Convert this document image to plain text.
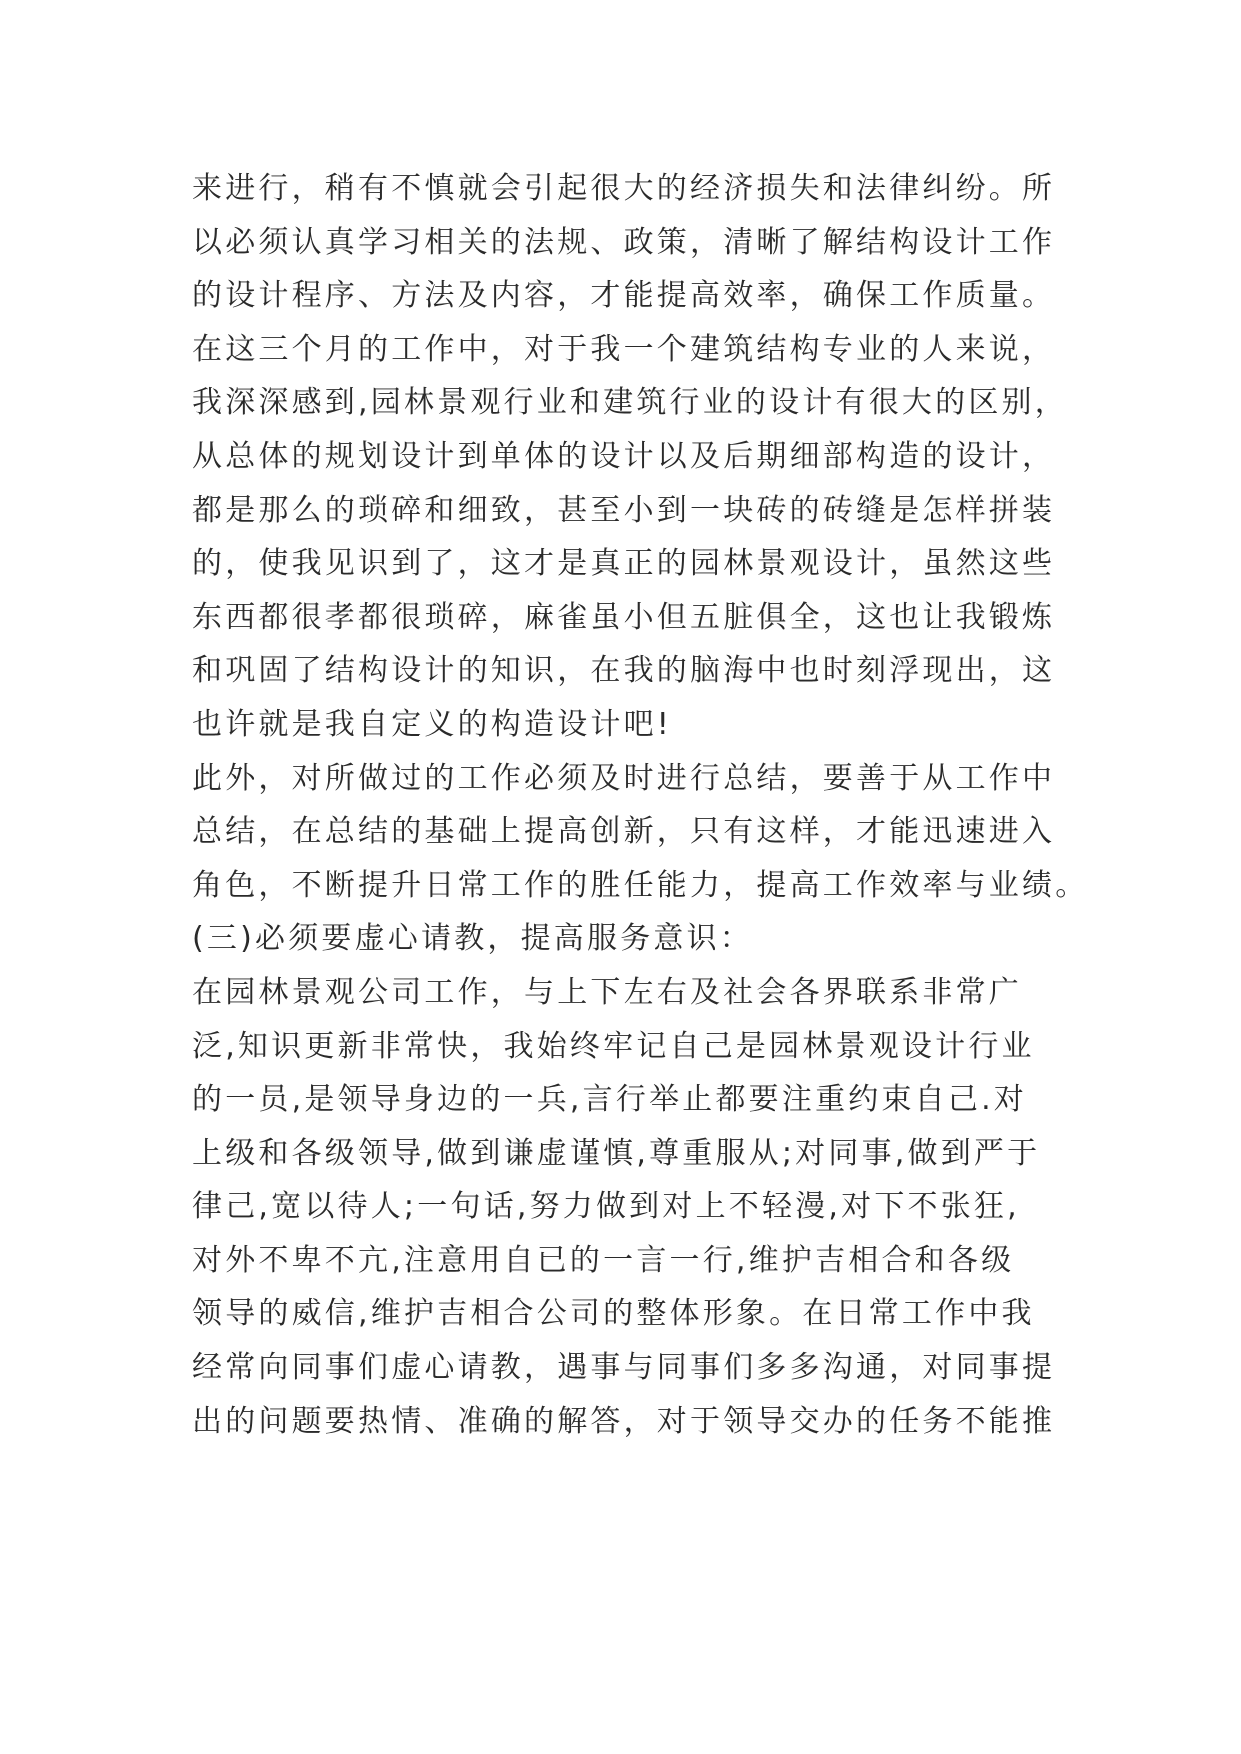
来进行，稍有不慎就会引起很大的经济损失和法律纠纷。所
以必须认真学习相关的法规、政策，清晰了解结构设计工作
的设计程序、方法及内容，才能提高效率，确保工作质量。
在这三个月的工作中，对于我一个建筑结构专业的人来说，
我深深感到,园林景观行业和建筑行业的设计有很大的区别，
从总体的规划设计到单体的设计以及后期细部构造的设计，
都是那么的琐碎和细致，甚至小到一块砖的砖缝是怎样拼装
的，使我见识到了，这才是真正的园林景观设计，虽然这些
东西都很孝都很琐碎，麻雀虽小但五脏俱全，这也让我锻炼
和巩固了结构设计的知识，在我的脑海中也时刻浮现出，这
也许就是我自定义的构造设计吧!
此外，对所做过的工作必须及时进行总结，要善于从工作中
总结，在总结的基础上提高创新，只有这样，才能迅速进入
角色，不断提升日常工作的胜任能力，提高工作效率与业绩。
(三)必须要虚心请教，提高服务意识：
在园林景观公司工作，与上下左右及社会各界联系非常广
泛,知识更新非常快，我始终牢记自己是园林景观设计行业
的一员,是领导身边的一兵,言行举止都要注重约束自己.对
上级和各级领导,做到谦虚谨慎,尊重服从;对同事,做到严于
律己,宽以待人;一句话,努力做到对上不轻漫,对下不张狂,
对外不卑不亢,注意用自已的一言一行,维护吉相合和各级
领导的威信,维护吉相合公司的整体形象。在日常工作中我
经常向同事们虚心请教，遇事与同事们多多沟通，对同事提
出的问题要热情、准确的解答，对于领导交办的任务不能推
